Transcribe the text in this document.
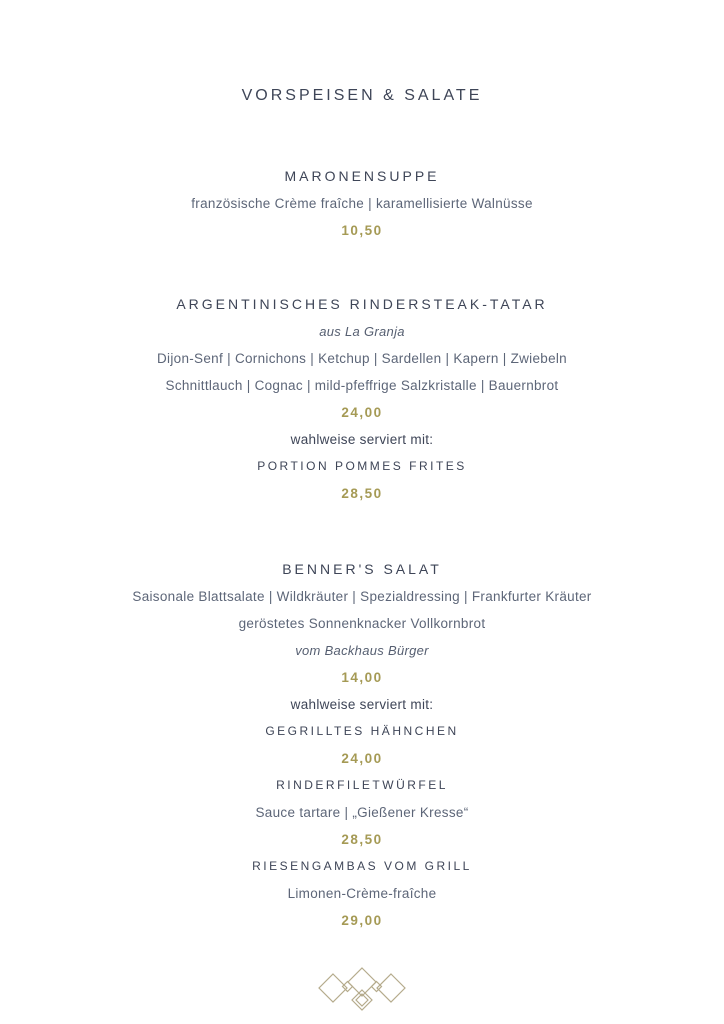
VORSPEISEN & SALATE
MARONENSUPPE
französische Crème fraîche | karamellisierte Walnüsse
10,50
ARGENTINISCHES RINDERSTEAK-TATAR
aus La Granja
Dijon-Senf | Cornichons | Ketchup | Sardellen | Kapern | Zwiebeln
Schnittlauch | Cognac | mild-pfeffrige Salzkristalle | Bauernbrot
24,00
wahlweise serviert mit:
PORTION POMMES FRITES
28,50
BENNER'S SALAT
Saisonale Blattsalate | Wildkräuter | Spezialdressing | Frankfurter Kräuter
geröstetes Sonnenknacker Vollkornbrot
vom Backhaus Bürger
14,00
wahlweise serviert mit:
GEGRILLTES HÄHNCHEN
24,00
RINDERFILETWÜRFEL
Sauce tartare | „Gießener Kresse“
28,50
RIESENGAMBAS VOM GRILL
Limonen-Crème-fraîche
29,00
